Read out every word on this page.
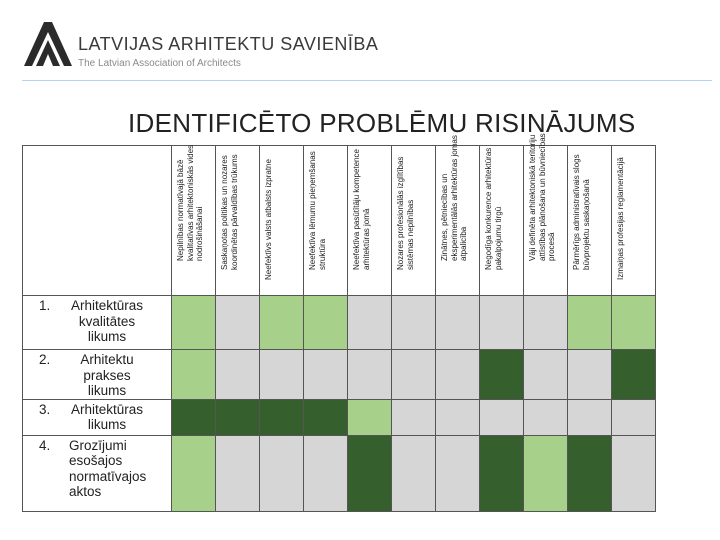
LATVIJAS ARHITEKTU SAVIENĪBA
The Latvian Association of Architects
IDENTIFICĒTO PROBLĒMU RISINĀJUMS

	Nepilnības normatīvajā bāzē kvalitatīvas arhitektoniskās vides nodrošināšanai	Saskaņotas politikas un nozares koordinētas pārvaldības trūkums	Neefektīvs valsts atbalsts izpratne	Neefektīva lēmumu pieņemšanas struktūra	Neefektīva pasūtītāju kompetence arhitektūras jomā	Nozares profesionālās izglītības sistēmas nepilnības	Zinātnes, pētniecības un eksperimentālās arhitektūras jomas atpalicība	Negodīga konkurence arhitektūras pakalpojumu tirgū	Vāji definēta arhitektoniskā teritoriju attīstības plānošana un būvniecības procesā	Pārmērīgs administratīvais slogs būvprojektu saskaņošanā	Izmaiņas profesijas reglamentācijā

1. Arhitektūras kvalitātes likums											

2. Arhitektu prakses likums											

3. Arhitektūras likums											

4. Grozījumi esošajos normatīvajos aktos											
